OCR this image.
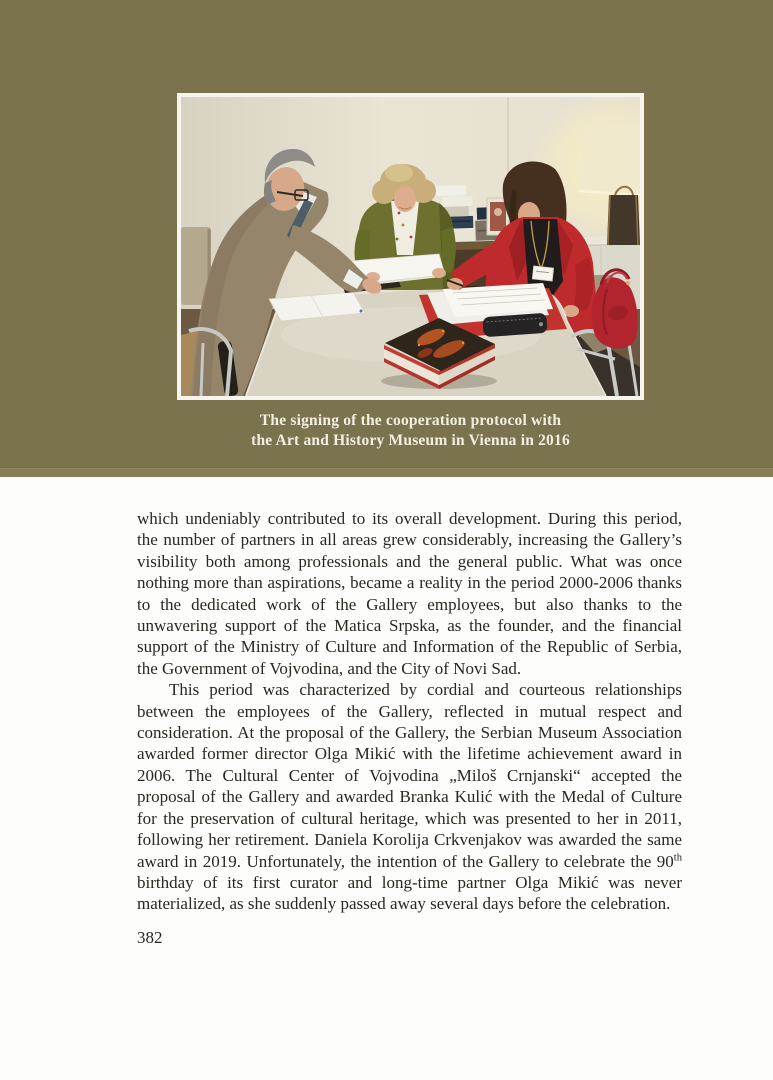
The signing of the cooperation protocol with
the Art and History Museum in Vienna in 2016

which undeniably contributed to its overall development. During this period, the number of partners in all areas grew considerably, increasing the Gallery’s visibility both among professionals and the general public. What was once nothing more than aspirations, became a reality in the period 2000-2006 thanks to the dedicated work of the Gallery employees, but also thanks to the unwavering support of the Matica Srpska, as the founder, and the financial support of the Ministry of Culture and Information of the Republic of Serbia, the Government of Vojvodina, and the City of Novi Sad.

This period was characterized by cordial and courteous relationships between the employees of the Gallery, reflected in mutual respect and consideration. At the proposal of the Gallery, the Serbian Museum Association awarded former director Olga Mikić with the lifetime achievement award in 2006. The Cultural Center of Vojvodina „Miloš Crnjanski“ accepted the proposal of the Gallery and awarded Branka Kulić with the Medal of Culture for the preservation of cultural heritage, which was presented to her in 2011, following her retirement. Daniela Korolija Crkvenjakov was awarded the same award in 2019. Unfortunately, the intention of the Gallery to celebrate the 90th birthday of its first curator and long-time partner Olga Mikić was never materialized, as she suddenly passed away several days before the celebration.

382
